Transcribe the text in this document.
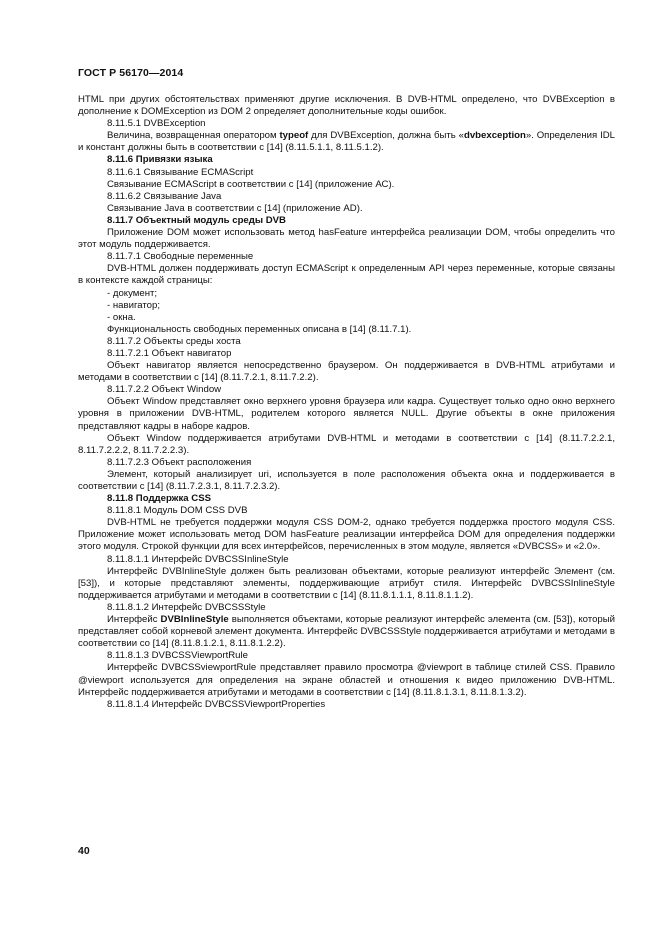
ГОСТ Р 56170—2014

HTML при других обстоятельствах применяют другие исключения. В DVB-HTML определено, что DVBException в дополнение к DOMException из DOM 2 определяет дополнительные коды ошибок.

8.11.5.1 DVBException

Величина, возвращенная оператором typeof для DVBException, должна быть «dvbexception». Определения IDL и констант должны быть в соответствии с [14] (8.11.5.1.1, 8.11.5.1.2).

8.11.6 Привязки языка

8.11.6.1 Связывание ECMAScript

Связывание ECMAScript в соответствии с [14] (приложение АС).

8.11.6.2 Связывание Java

Связывание Java в соответствии с [14] (приложение AD).

8.11.7 Объектный модуль среды DVB

Приложение DOM может использовать метод hasFeature интерфейса реализации DOM, чтобы определить что этот модуль поддерживается.

8.11.7.1 Свободные переменные

DVB-HTML должен поддерживать доступ ECMAScript к определенным API через переменные, которые связаны в контексте каждой страницы:

- документ;

- навигатор;

- окна.

Функциональность свободных переменных описана в [14] (8.11.7.1).

8.11.7.2 Объекты среды хоста

8.11.7.2.1 Объект навигатор

Объект навигатор является непосредственно браузером. Он поддерживается в DVB-HTML атрибутами и методами в соответствии с [14] (8.11.7.2.1, 8.11.7.2.2).

8.11.7.2.2 Объект Window

Объект Window представляет окно верхнего уровня браузера или кадра. Существует только одно окно верхнего уровня в приложении DVB-HTML, родителем которого является NULL. Другие объекты в окне приложения представляют кадры в наборе кадров.

Объект Window поддерживается атрибутами DVB-HTML и методами в соответствии с [14] (8.11.7.2.2.1, 8.11.7.2.2.2, 8.11.7.2.2.3).

8.11.7.2.3 Объект расположения

Элемент, который анализирует uri, используется в поле расположения объекта окна и поддерживается в соответствии с [14] (8.11.7.2.3.1, 8.11.7.2.3.2).

8.11.8 Поддержка CSS

8.11.8.1 Модуль DOM CSS DVB

DVB-HTML не требуется поддержки модуля CSS DOM-2, однако требуется поддержка простого модуля CSS. Приложение может использовать метод DOM hasFeature реализации интерфейса DOM для определения поддержки этого модуля. Строкой функции для всех интерфейсов, перечисленных в этом модуле, является «DVBCSS» и «2.0».

8.11.8.1.1 Интерфейс DVBCSSInlineStyle

Интерфейс DVBInlineStyle должен быть реализован объектами, которые реализуют интерфейс Элемент (см. [53]), и которые представляют элементы, поддерживающие атрибут стиля. Интерфейс DVBCSSInlineStyle поддерживается атрибутами и методами в соответствии с [14] (8.11.8.1.1.1, 8.11.8.1.1.2).

8.11.8.1.2 Интерфейс DVBCSSStyle

Интерфейс DVBInlineStyle выполняется объектами, которые реализуют интерфейс элемента (см. [53]), который представляет собой корневой элемент документа. Интерфейс DVBCSSStyle поддерживается атрибутами и методами в соответствии со [14] (8.11.8.1.2.1, 8.11.8.1.2.2).

8.11.8.1.3 DVBCSSViewportRule

Интерфейс DVBCSSviewportRule представляет правило просмотра @viewport в таблице стилей CSS. Правило @viewport используется для определения на экране областей и отношения к видео приложению DVB-HTML. Интерфейс поддерживается атрибутами и методами в соответствии с [14] (8.11.8.1.3.1, 8.11.8.1.3.2).

8.11.8.1.4 Интерфейс DVBCSSViewportProperties

40
